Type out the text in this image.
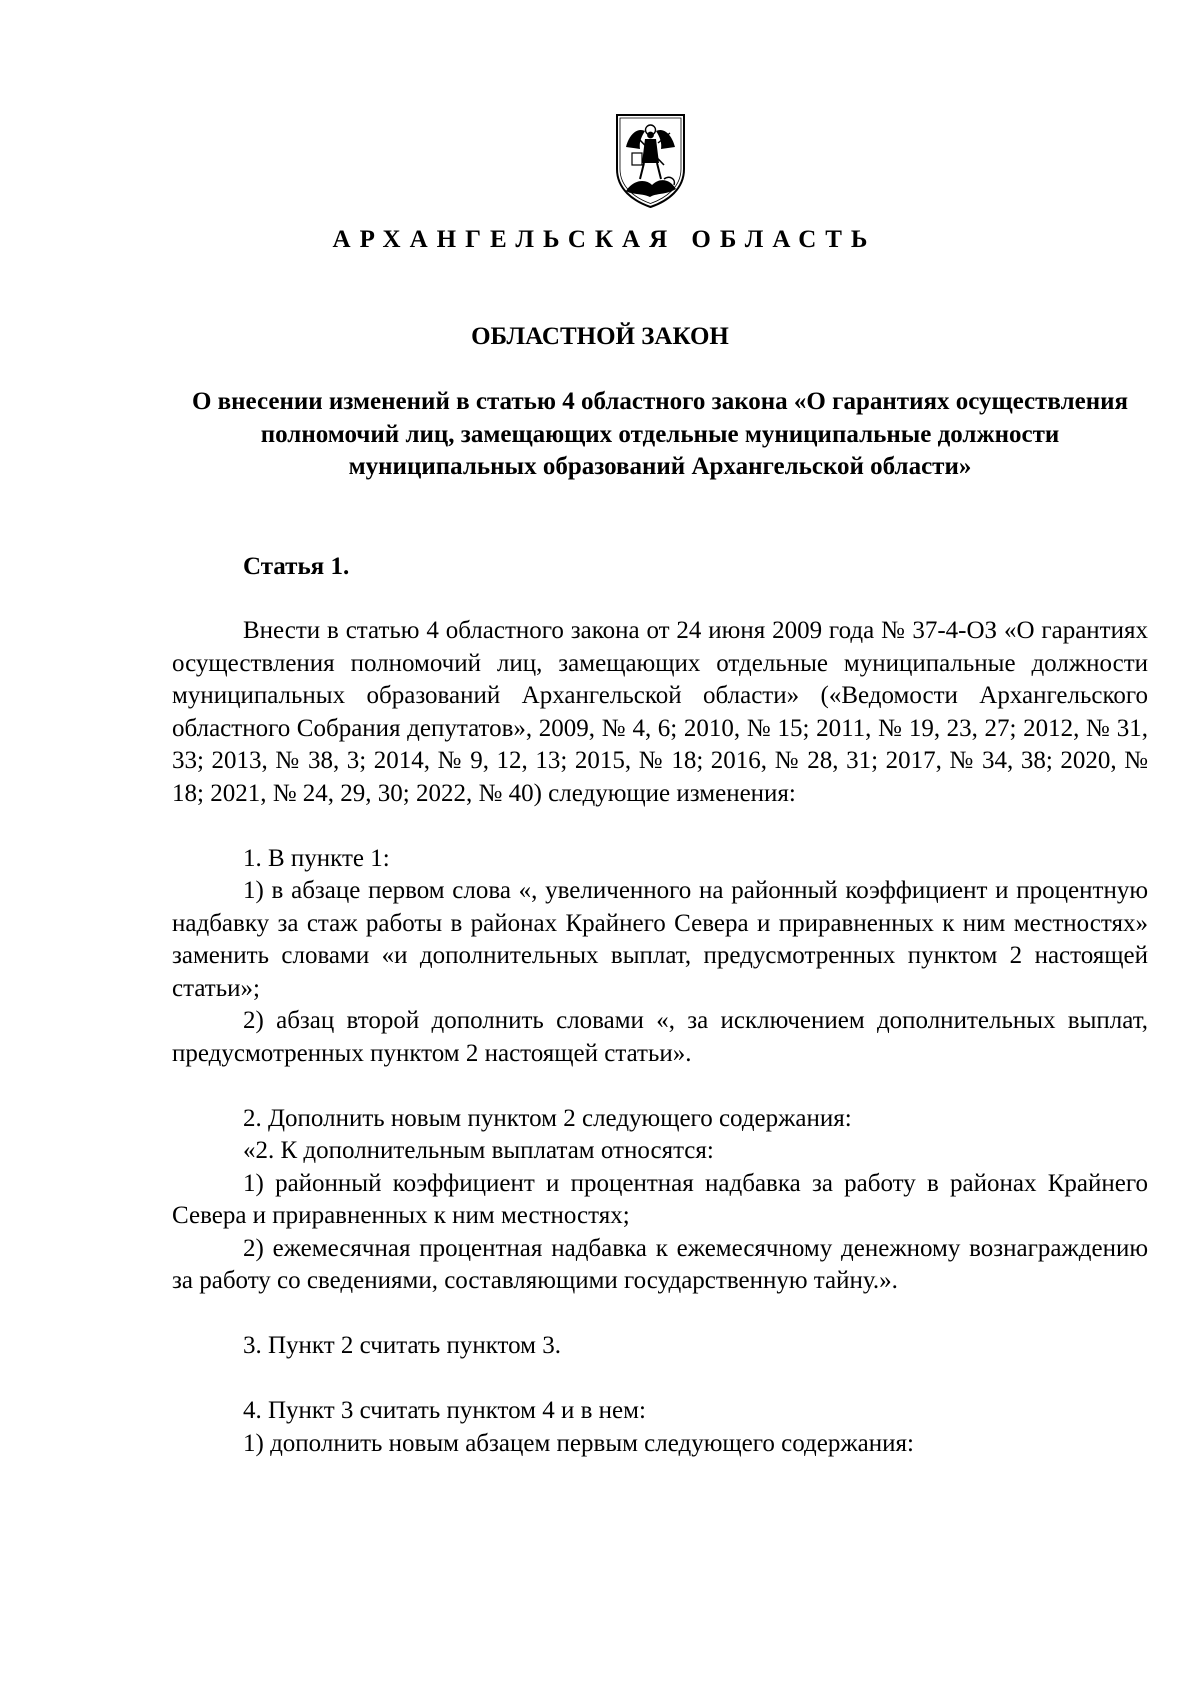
АРХАНГЕЛЬСКАЯ ОБЛАСТЬ
ОБЛАСТНОЙ ЗАКОН
О внесении изменений в статью 4 областного закона «О гарантиях осуществления полномочий лиц, замещающих отдельные муниципальные должности муниципальных образований Архангельской области»
Статья 1.

Внести в статью 4 областного закона от 24 июня 2009 года № 37-4-ОЗ «О гарантиях осуществления полномочий лиц, замещающих отдельные муниципальные должности муниципальных образований Архангельской области» («Ведомости Архангельского областного Собрания депутатов», 2009, № 4, 6; 2010, № 15; 2011, № 19, 23, 27; 2012, № 31, 33; 2013, № 38, 3; 2014, № 9, 12, 13; 2015, № 18; 2016, № 28, 31; 2017, № 34, 38; 2020, № 18; 2021, № 24, 29, 30; 2022, № 40) следующие изменения:

1. В пункте 1:

1) в абзаце первом слова «, увеличенного на районный коэффициент и процентную надбавку за стаж работы в районах Крайнего Севера и приравненных к ним местностях» заменить словами «и дополнительных выплат, предусмотренных пунктом 2 настоящей статьи»;

2) абзац второй дополнить словами «, за исключением дополнительных выплат, предусмотренных пунктом 2 настоящей статьи».

2. Дополнить новым пунктом 2 следующего содержания:

«2. К дополнительным выплатам относятся:

1) районный коэффициент и процентная надбавка за работу в районах Крайнего Севера и приравненных к ним местностях;

2) ежемесячная процентная надбавка к ежемесячному денежному вознаграждению за работу со сведениями, составляющими государственную тайну.».

3. Пункт 2 считать пунктом 3.

4. Пункт 3 считать пунктом 4 и в нем:

1) дополнить новым абзацем первым следующего содержания:
